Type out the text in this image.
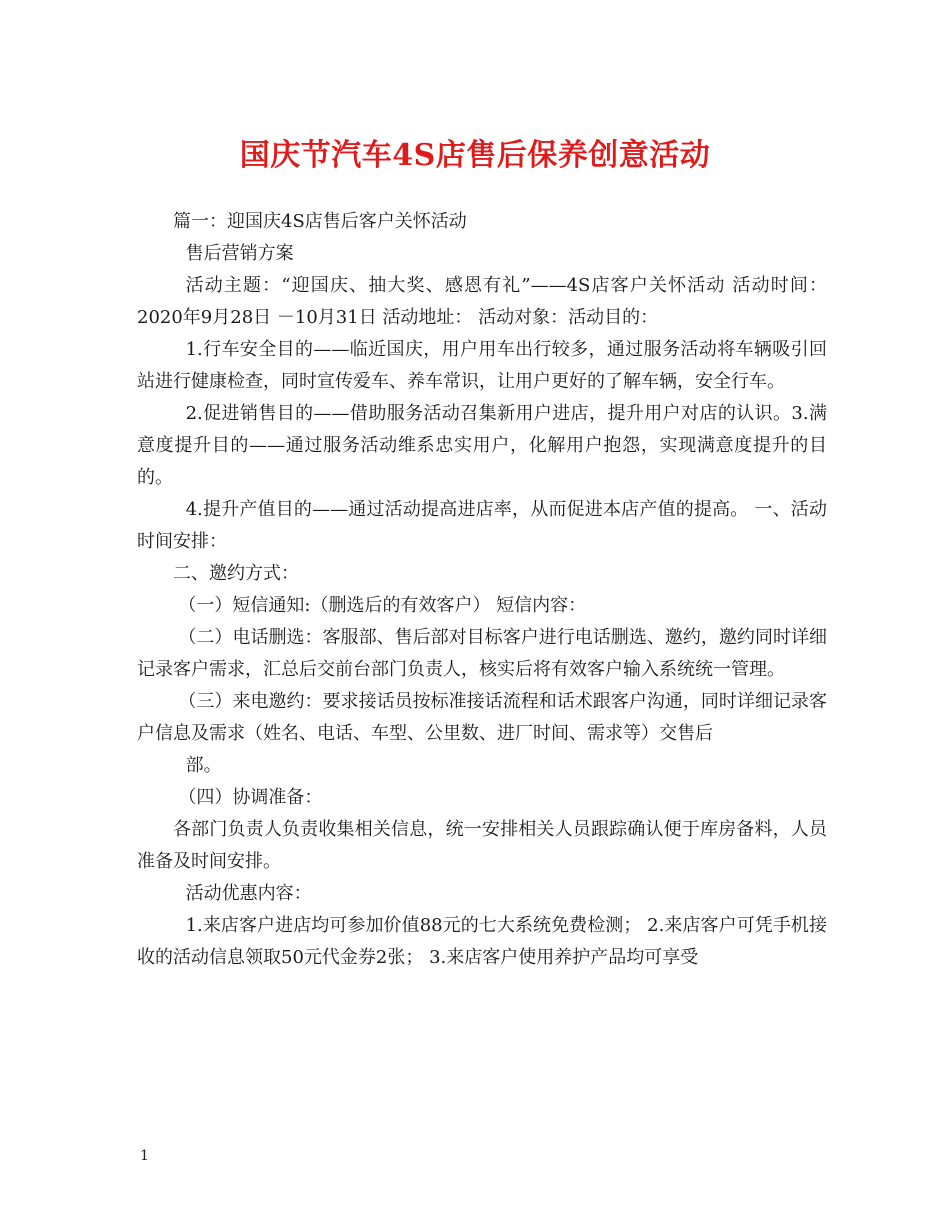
国庆节汽车4S店售后保养创意活动

篇一：迎国庆4S店售后客户关怀活动

售后营销方案

活动主题：“迎国庆、抽大奖、感恩有礼”——4S店客户关怀活动 活动时间：2020年9月28日 －10月31日 活动地址： 活动对象：活动目的：

1.行车安全目的——临近国庆，用户用车出行较多，通过服务活动将车辆吸引回站进行健康检查，同时宣传爱车、养车常识，让用户更好的了解车辆，安全行车。

2.促进销售目的——借助服务活动召集新用户进店，提升用户对店的认识。3.满意度提升目的——通过服务活动维系忠实用户，化解用户抱怨，实现满意度提升的目的。

4.提升产值目的——通过活动提高进店率，从而促进本店产值的提高。 一、活动时间安排：

二、邀约方式：

（一）短信通知:（删选后的有效客户） 短信内容：

（二）电话删选：客服部、售后部对目标客户进行电话删选、邀约，邀约同时详细记录客户需求，汇总后交前台部门负责人，核实后将有效客户输入系统统一管理。

（三）来电邀约：要求接话员按标准接话流程和话术跟客户沟通，同时详细记录客户信息及需求（姓名、电话、车型、公里数、进厂时间、需求等）交售后

部。

（四）协调准备：

各部门负责人负责收集相关信息，统一安排相关人员跟踪确认便于库房备料，人员准备及时间安排。

活动优惠内容：

1.来店客户进店均可参加价值88元的七大系统免费检测； 2.来店客户可凭手机接收的活动信息领取50元代金券2张； 3.来店客户使用养护产品均可享受

1
